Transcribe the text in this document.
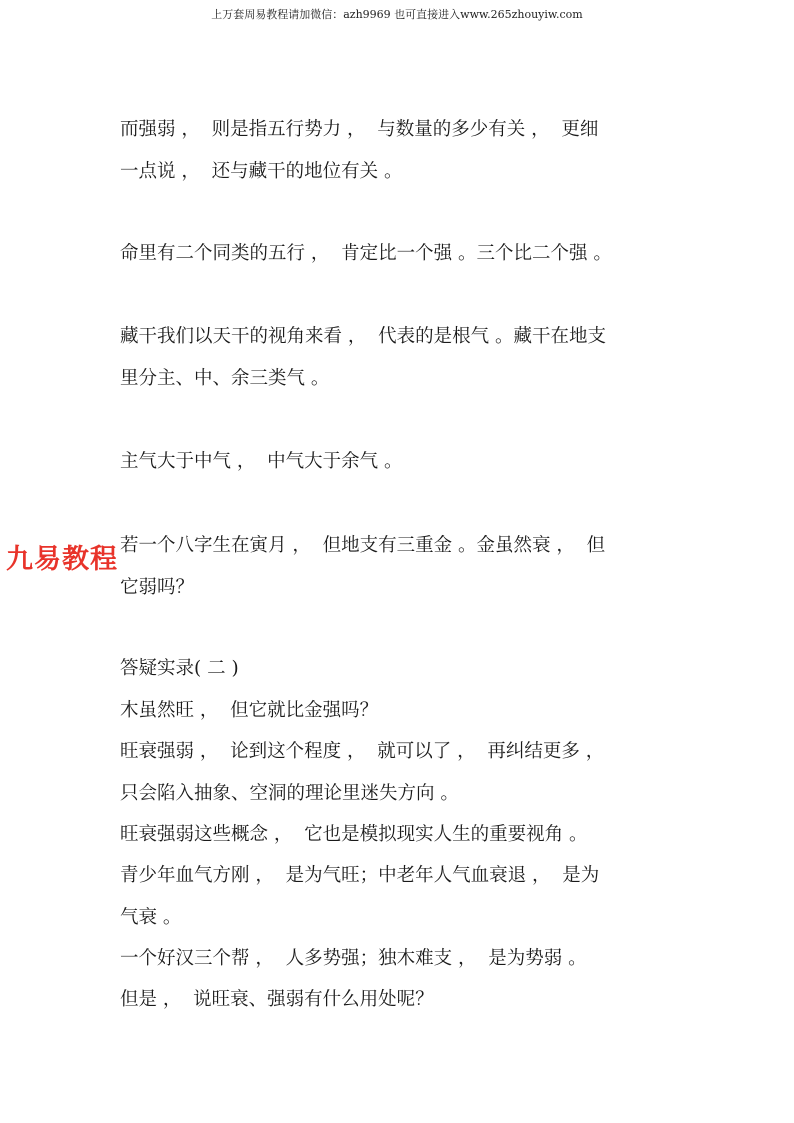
上万套周易教程请加微信：azh9969 也可直接进入www.265zhouyiw.com
而强弱 ，  则是指五行势力 ，  与数量的多少有关 ，  更细
一点说 ，  还与藏干的地位有关 。
命里有二个同类的五行 ，  肯定比一个强 。三个比二个强 。
藏干我们以天干的视角来看 ，  代表的是根气 。藏干在地支
里分主、中、余三类气 。
主气大于中气 ，  中气大于余气 。
若一个八字生在寅月 ，  但地支有三重金 。金虽然衰 ，  但
它弱吗？
答疑实录( 二 )
木虽然旺 ，  但它就比金强吗？
旺衰强弱 ，  论到这个程度 ，  就可以了 ，  再纠结更多 ，
只会陷入抽象、空洞的理论里迷失方向 。
旺衰强弱这些概念 ，  它也是模拟现实人生的重要视角 。
青少年血气方刚 ，  是为气旺；中老年人气血衰退 ，  是为
气衰 。
一个好汉三个帮 ，  人多势强；独木难支 ，  是为势弱 。
但是 ，  说旺衰、强弱有什么用处呢？
九易教程
